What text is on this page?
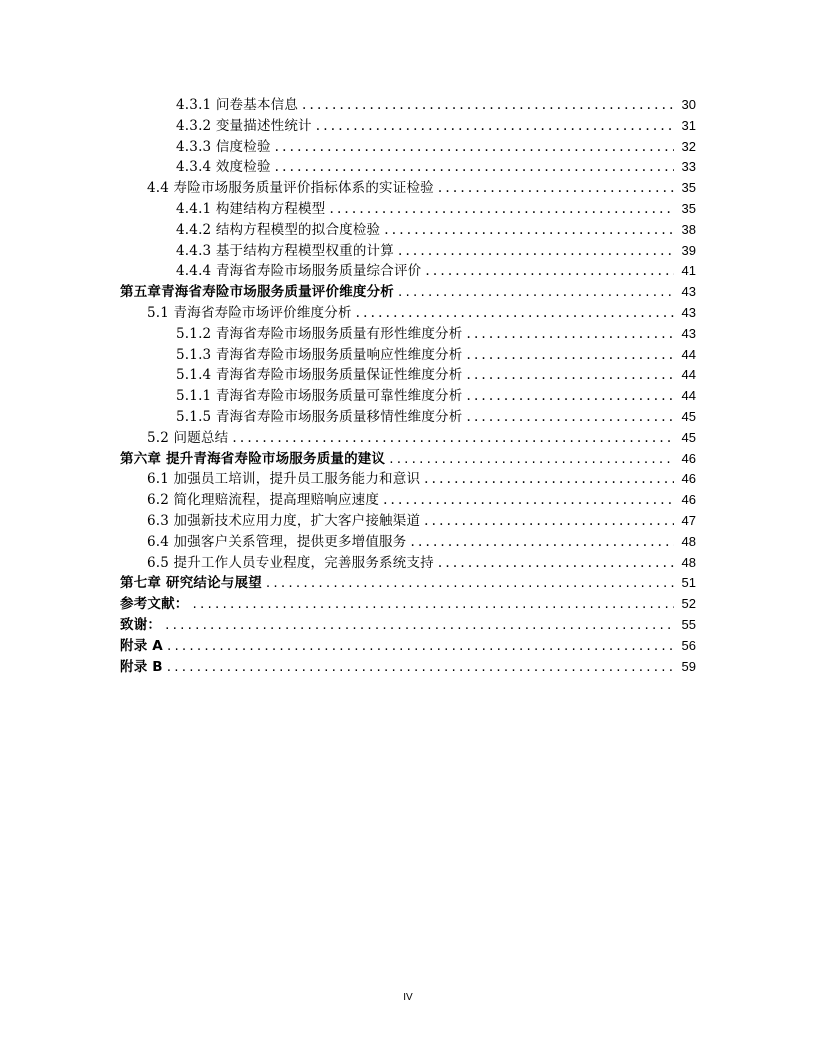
4.3.1 问卷基本信息 .....	30
4.3.2 变量描述性统计 .....	31
4.3.3 信度检验 .....	32
4.3.4 效度检验 .....	33
4.4 寿险市场服务质量评价指标体系的实证检验 .....	35
4.4.1 构建结构方程模型 .....	35
4.4.2 结构方程模型的拟合度检验 .....	38
4.4.3 基于结构方程模型权重的计算 .....	39
4.4.4 青海省寿险市场服务质量综合评价 .....	41
第五章青海省寿险市场服务质量评价维度分析 .....	43
5.1 青海省寿险市场评价维度分析 .....	43
5.1.2 青海省寿险市场服务质量有形性维度分析 .....	43
5.1.3 青海省寿险市场服务质量响应性维度分析 .....	44
5.1.4 青海省寿险市场服务质量保证性维度分析 .....	44
5.1.1 青海省寿险市场服务质量可靠性维度分析 .....	44
5.1.5 青海省寿险市场服务质量移情性维度分析 .....	45
5.2 问题总结 .....	45
第六章 提升青海省寿险市场服务质量的建议 .....	46
6.1 加强员工培训，提升员工服务能力和意识 .....	46
6.2 简化理赔流程，提高理赔响应速度 .....	46
6.3 加强新技术应用力度，扩大客户接触渠道 .....	47
6.4 加强客户关系管理，提供更多增值服务 .....	48
6.5 提升工作人员专业程度，完善服务系统支持 .....	48
第七章 研究结论与展望 .....	51
参考文献： .....	52
致谢： .....	55
附录 A .....	56
附录 B .....	59
IV
